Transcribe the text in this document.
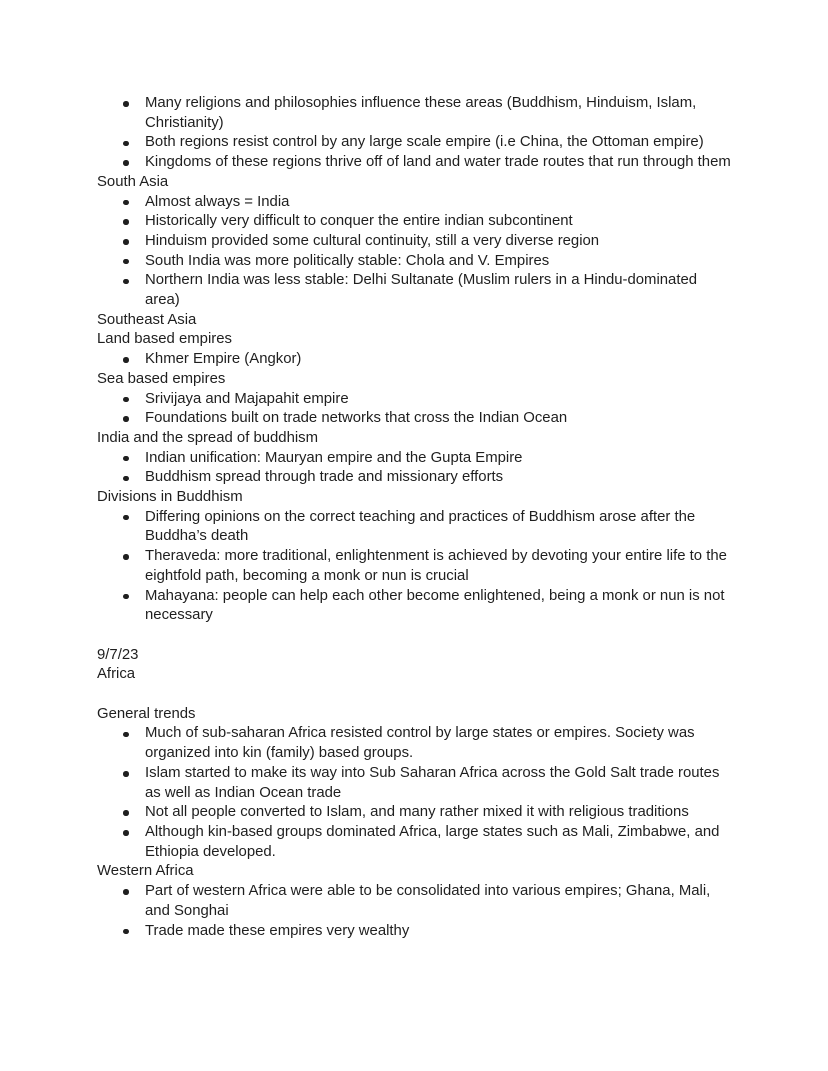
Many religions and philosophies influence these areas (Buddhism, Hinduism, Islam, Christianity)
Both regions resist control by any large scale empire (i.e China, the Ottoman empire)
Kingdoms of these regions thrive off of land and water trade routes that run through them
South Asia
Almost always = India
Historically very difficult to conquer the entire indian subcontinent
Hinduism provided some cultural continuity, still a very diverse region
South India was more politically stable: Chola and V. Empires
Northern India was less stable: Delhi Sultanate (Muslim rulers in a Hindu-dominated area)
Southeast Asia
Land based empires
Khmer Empire (Angkor)
Sea based empires
Srivijaya and Majapahit empire
Foundations built on trade networks that cross the Indian Ocean
India and the spread of buddhism
Indian unification: Mauryan empire and the Gupta Empire
Buddhism spread through trade and missionary efforts
Divisions in Buddhism
Differing opinions on the correct teaching and practices of Buddhism arose after the Buddha’s death
Theraveda: more traditional, enlightenment is achieved by devoting your entire life to the eightfold path, becoming a monk or nun is crucial
Mahayana: people can help each other become enlightened, being a monk or nun is not necessary

9/7/23
Africa

General trends
Much of sub-saharan Africa resisted control by large states or empires. Society was organized into kin (family) based groups.
Islam started to make its way into Sub Saharan Africa across the Gold Salt trade routes as well as Indian Ocean trade
Not all people converted to Islam, and many rather mixed it with religious traditions
Although kin-based groups dominated Africa, large states such as Mali, Zimbabwe, and Ethiopia developed.
Western Africa
Part of western Africa were able to be consolidated into various empires; Ghana, Mali, and Songhai
Trade made these empires very wealthy
